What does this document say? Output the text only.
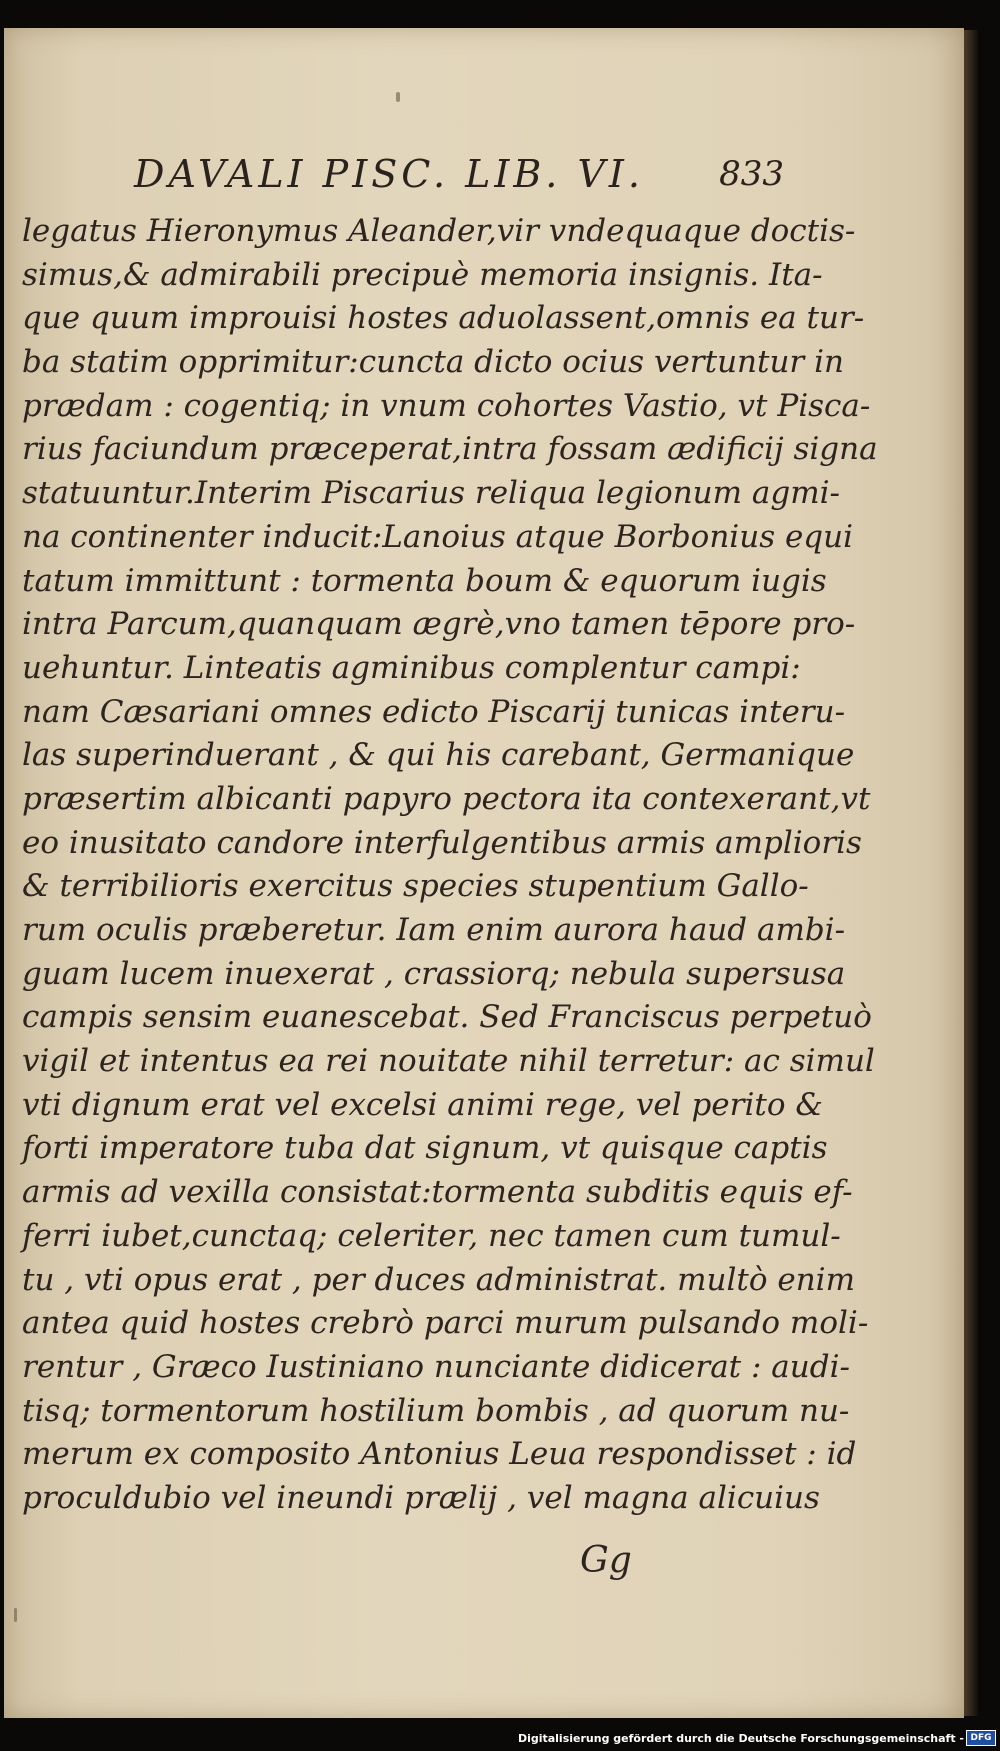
DAVALI PISC. LIB. VI. 833
legatus Hieronymus Aleander,vir vndequaque doctis-
simus,& admirabili precipuè memoria insignis. Ita-
que quum improuisi hostes aduolassent,omnis ea tur-
ba statim opprimitur:cuncta dicto ocius vertuntur in
prædam : cogentiq; in vnum cohortes Vastio, vt Pisca-
rius faciundum præceperat,intra fossam ædificij signa
statuuntur.Interim Piscarius reliqua legionum agmi-
na continenter inducit:Lanoius atque Borbonius equi
tatum immittunt : tormenta boum & equorum iugis
intra Parcum,quanquam ægrè,vno tamen tēpore pro-
uehuntur. Linteatis agminibus complentur campi:
nam Cæsariani omnes edicto Piscarij tunicas interu-
las superinduerant , & qui his carebant, Germanique
præsertim albicanti papyro pectora ita contexerant,vt
eo inusitato candore interfulgentibus armis amplioris
& terribilioris exercitus species stupentium Gallo-
rum oculis præberetur. Iam enim aurora haud ambi-
guam lucem inuexerat , crassiorq; nebula supersusa
campis sensim euanescebat. Sed Franciscus perpetuò
vigil et intentus ea rei nouitate nihil terretur: ac simul
vti dignum erat vel excelsi animi rege, vel perito &
forti imperatore tuba dat signum, vt quisque captis
armis ad vexilla consistat:tormenta subditis equis ef-
ferri iubet,cunctaq; celeriter, nec tamen cum tumul-
tu , vti opus erat , per duces administrat. multò enim
antea quid hostes crebrò parci murum pulsando moli-
rentur , Græco Iustiniano nunciante didicerat : audi-
tisq; tormentorum hostilium bombis , ad quorum nu-
merum ex composito Antonius Leua respondisset : id
proculdubio vel ineundi prælij , vel magna alicuius
Gg
Digitalisierung gefördert durch die Deutsche Forschungsgemeinschaft - DFG
